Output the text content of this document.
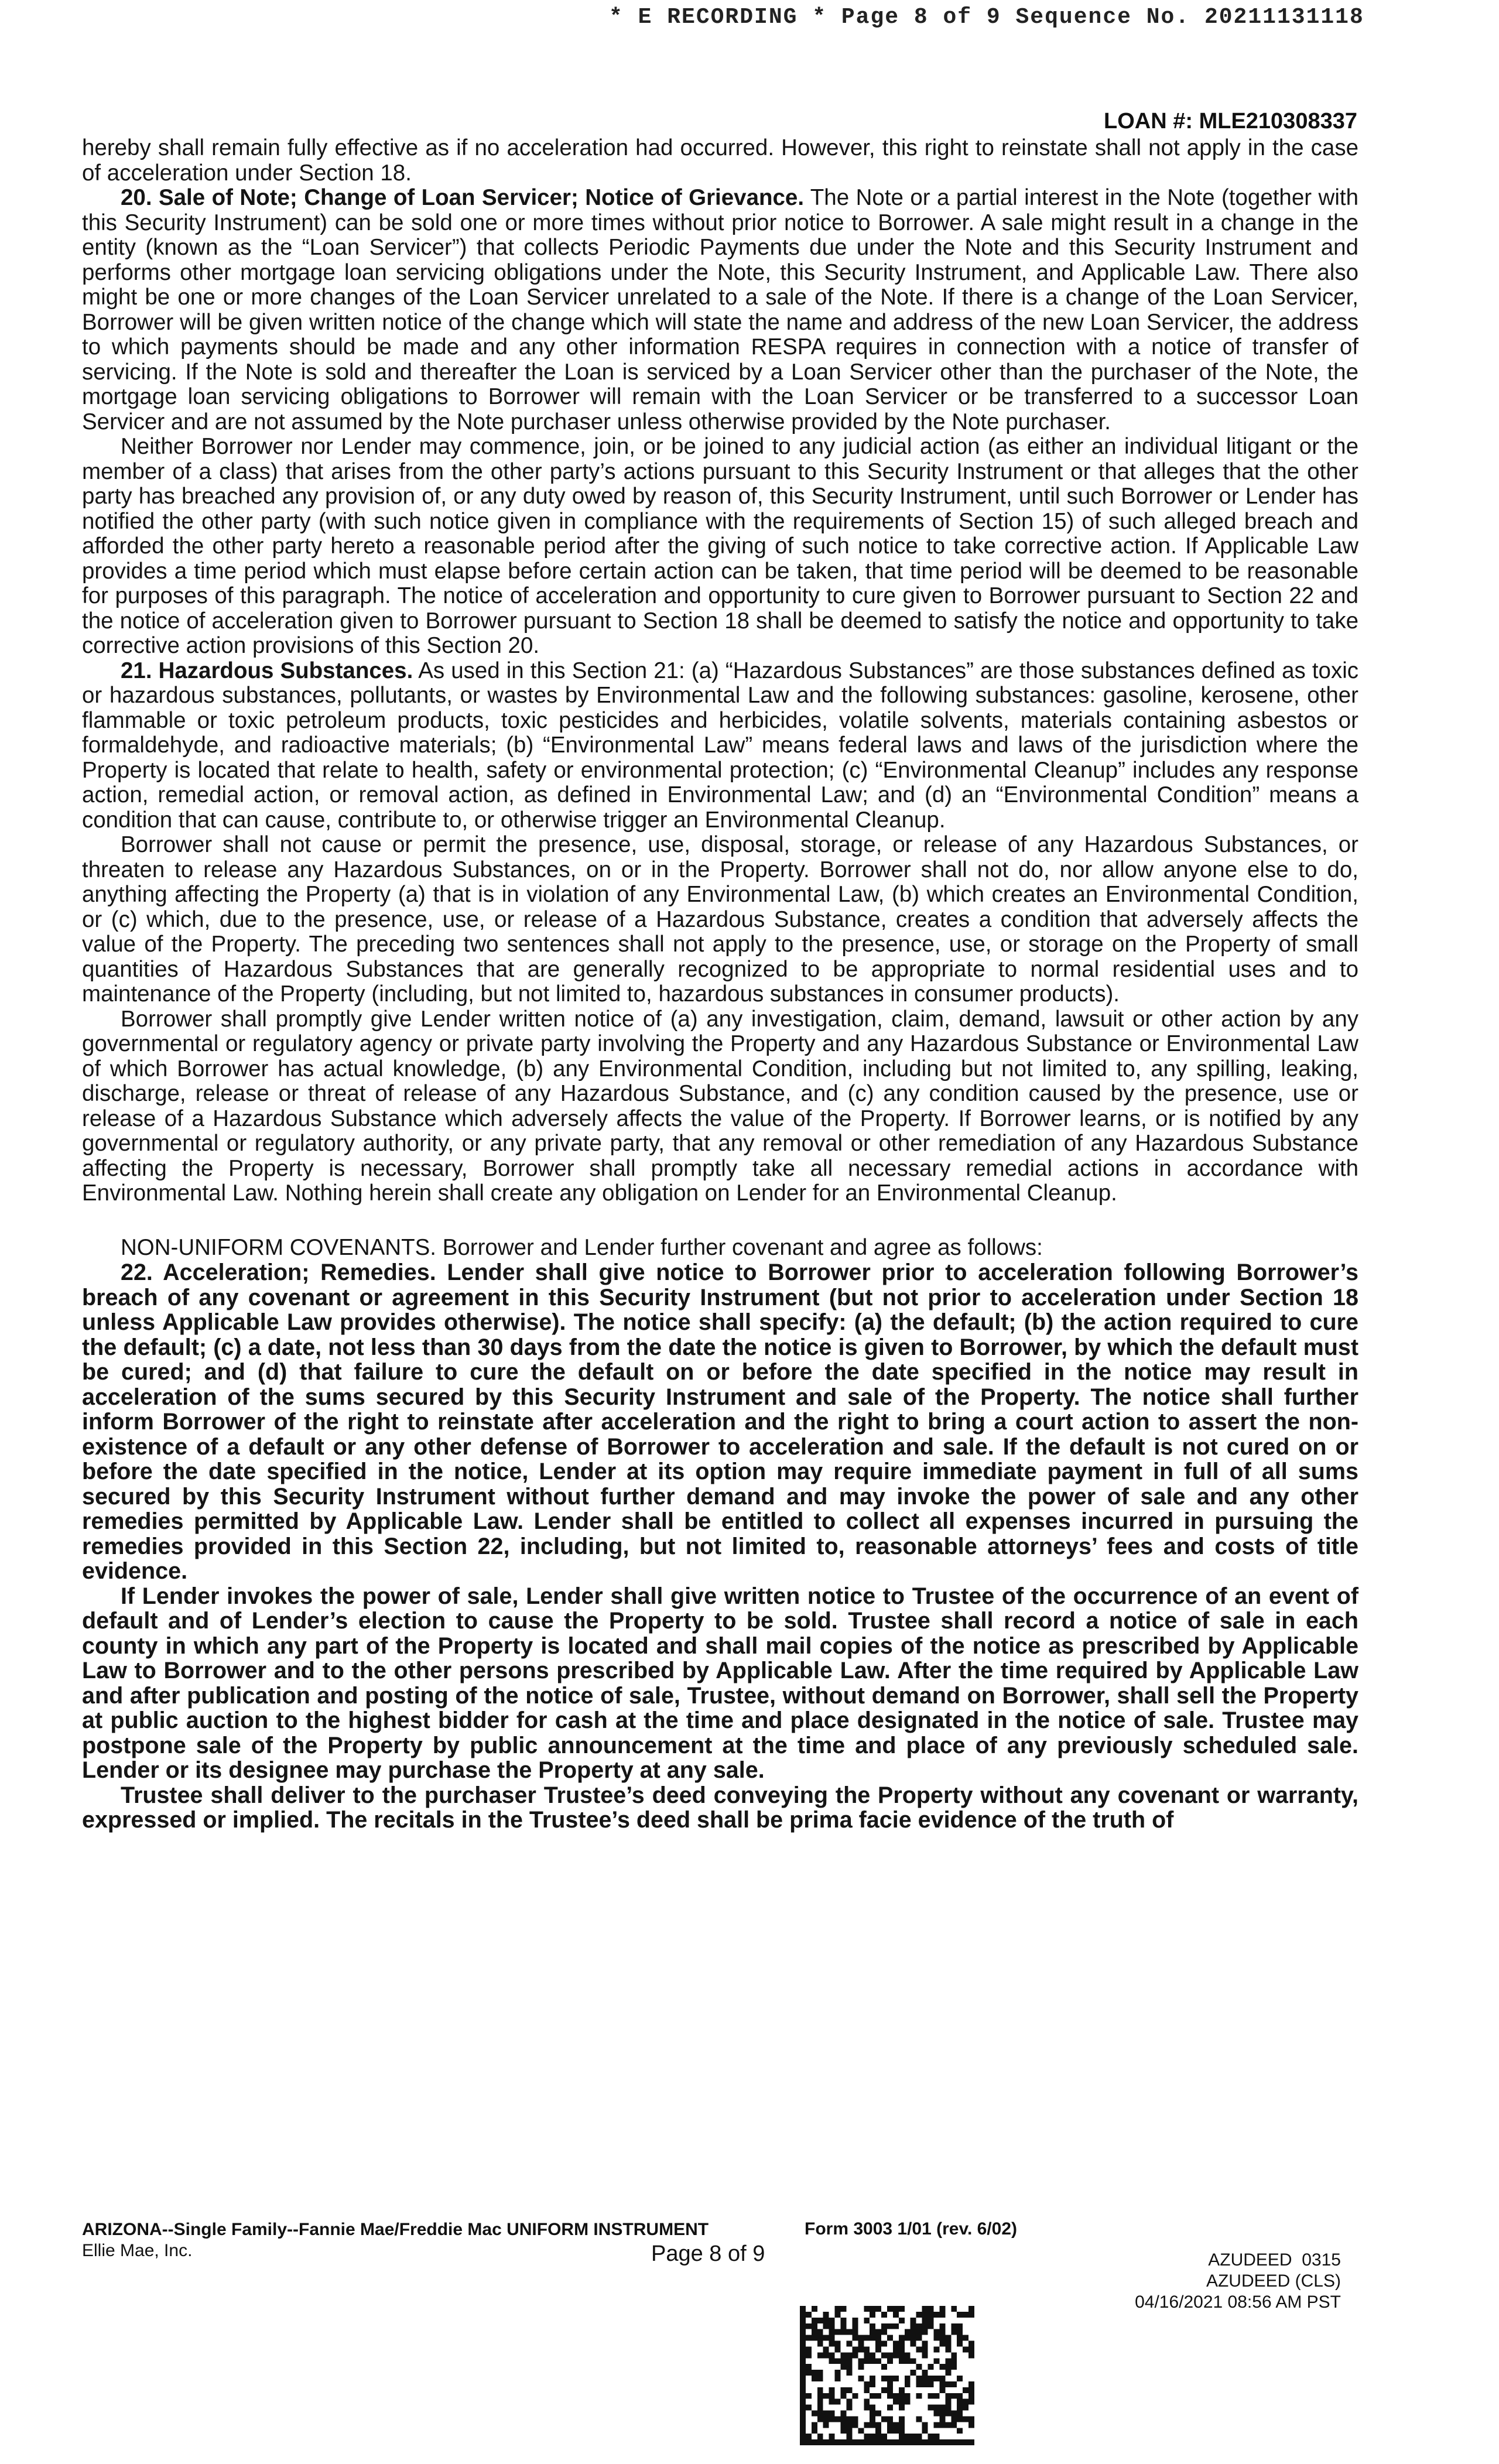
* E RECORDING * Page 8 of 9 Sequence No. 20211131118
LOAN #: MLE210308337

hereby shall remain fully effective as if no acceleration had occurred. However, this right to reinstate shall not apply in the case of acceleration under Section 18.

20. Sale of Note; Change of Loan Servicer; Notice of Grievance. The Note or a partial interest in the Note (together with this Security Instrument) can be sold one or more times without prior notice to Borrower. A sale might result in a change in the entity (known as the “Loan Servicer”) that collects Periodic Payments due under the Note and this Security Instrument and performs other mortgage loan servicing obligations under the Note, this Security Instrument, and Applicable Law. There also might be one or more changes of the Loan Servicer unrelated to a sale of the Note. If there is a change of the Loan Servicer, Borrower will be given written notice of the change which will state the name and address of the new Loan Servicer, the address to which payments should be made and any other information RESPA requires in connection with a notice of transfer of servicing. If the Note is sold and thereafter the Loan is serviced by a Loan Servicer other than the purchaser of the Note, the mortgage loan servicing obligations to Borrower will remain with the Loan Servicer or be transferred to a successor Loan Servicer and are not assumed by the Note purchaser unless otherwise provided by the Note purchaser.

Neither Borrower nor Lender may commence, join, or be joined to any judicial action (as either an individual litigant or the member of a class) that arises from the other party’s actions pursuant to this Security Instrument or that alleges that the other party has breached any provision of, or any duty owed by reason of, this Security Instrument, until such Borrower or Lender has notified the other party (with such notice given in compliance with the requirements of Section 15) of such alleged breach and afforded the other party hereto a reasonable period after the giving of such notice to take corrective action. If Applicable Law provides a time period which must elapse before certain action can be taken, that time period will be deemed to be reasonable for purposes of this paragraph. The notice of acceleration and opportunity to cure given to Borrower pursuant to Section 22 and the notice of acceleration given to Borrower pursuant to Section 18 shall be deemed to satisfy the notice and opportunity to take corrective action provisions of this Section 20.

21. Hazardous Substances. As used in this Section 21: (a) “Hazardous Substances” are those substances defined as toxic or hazardous substances, pollutants, or wastes by Environmental Law and the following substances: gasoline, kerosene, other flammable or toxic petroleum products, toxic pesticides and herbicides, volatile solvents, materials containing asbestos or formaldehyde, and radioactive materials; (b) “Environmental Law” means federal laws and laws of the jurisdiction where the Property is located that relate to health, safety or environmental protection; (c) “Environmental Cleanup” includes any response action, remedial action, or removal action, as defined in Environmental Law; and (d) an “Environmental Condition” means a condition that can cause, contribute to, or otherwise trigger an Environmental Cleanup.

Borrower shall not cause or permit the presence, use, disposal, storage, or release of any Hazardous Substances, or threaten to release any Hazardous Substances, on or in the Property. Borrower shall not do, nor allow anyone else to do, anything affecting the Property (a) that is in violation of any Environmental Law, (b) which creates an Environmental Condition, or (c) which, due to the presence, use, or release of a Hazardous Substance, creates a condition that adversely affects the value of the Property. The preceding two sentences shall not apply to the presence, use, or storage on the Property of small quantities of Hazardous Substances that are generally recognized to be appropriate to normal residential uses and to maintenance of the Property (including, but not limited to, hazardous substances in consumer products).

Borrower shall promptly give Lender written notice of (a) any investigation, claim, demand, lawsuit or other action by any governmental or regulatory agency or private party involving the Property and any Hazardous Substance or Environmental Law of which Borrower has actual knowledge, (b) any Environmental Condition, including but not limited to, any spilling, leaking, discharge, release or threat of release of any Hazardous Substance, and (c) any condition caused by the presence, use or release of a Hazardous Substance which adversely affects the value of the Property. If Borrower learns, or is notified by any governmental or regulatory authority, or any private party, that any removal or other remediation of any Hazardous Substance affecting the Property is necessary, Borrower shall promptly take all necessary remedial actions in accordance with Environmental Law. Nothing herein shall create any obligation on Lender for an Environmental Cleanup.

NON-UNIFORM COVENANTS. Borrower and Lender further covenant and agree as follows:

22. Acceleration; Remedies. Lender shall give notice to Borrower prior to acceleration following Borrower’s breach of any covenant or agreement in this Security Instrument (but not prior to acceleration under Section 18 unless Applicable Law provides otherwise). The notice shall specify: (a) the default; (b) the action required to cure the default; (c) a date, not less than 30 days from the date the notice is given to Borrower, by which the default must be cured; and (d) that failure to cure the default on or before the date specified in the notice may result in acceleration of the sums secured by this Security Instrument and sale of the Property. The notice shall further inform Borrower of the right to reinstate after acceleration and the right to bring a court action to assert the non-existence of a default or any other defense of Borrower to acceleration and sale. If the default is not cured on or before the date specified in the notice, Lender at its option may require immediate payment in full of all sums secured by this Security Instrument without further demand and may invoke the power of sale and any other remedies permitted by Applicable Law. Lender shall be entitled to collect all expenses incurred in pursuing the remedies provided in this Section 22, including, but not limited to, reasonable attorneys’ fees and costs of title evidence.

If Lender invokes the power of sale, Lender shall give written notice to Trustee of the occurrence of an event of default and of Lender’s election to cause the Property to be sold. Trustee shall record a notice of sale in each county in which any part of the Property is located and shall mail copies of the notice as prescribed by Applicable Law to Borrower and to the other persons prescribed by Applicable Law. After the time required by Applicable Law and after publication and posting of the notice of sale, Trustee, without demand on Borrower, shall sell the Property at public auction to the highest bidder for cash at the time and place designated in the notice of sale. Trustee may postpone sale of the Property by public announcement at the time and place of any previously scheduled sale. Lender or its designee may purchase the Property at any sale.

Trustee shall deliver to the purchaser Trustee’s deed conveying the Property without any covenant or warranty, expressed or implied. The recitals in the Trustee’s deed shall be prima facie evidence of the truth of

ARIZONA--Single Family--Fannie Mae/Freddie Mac UNIFORM INSTRUMENT
Ellie Mae, Inc.
Form 3003 1/01 (rev. 6/02)
Page 8 of 9	AZUDEED  0315
AZUDEED (CLS)
04/16/2021 08:56 AM PST
